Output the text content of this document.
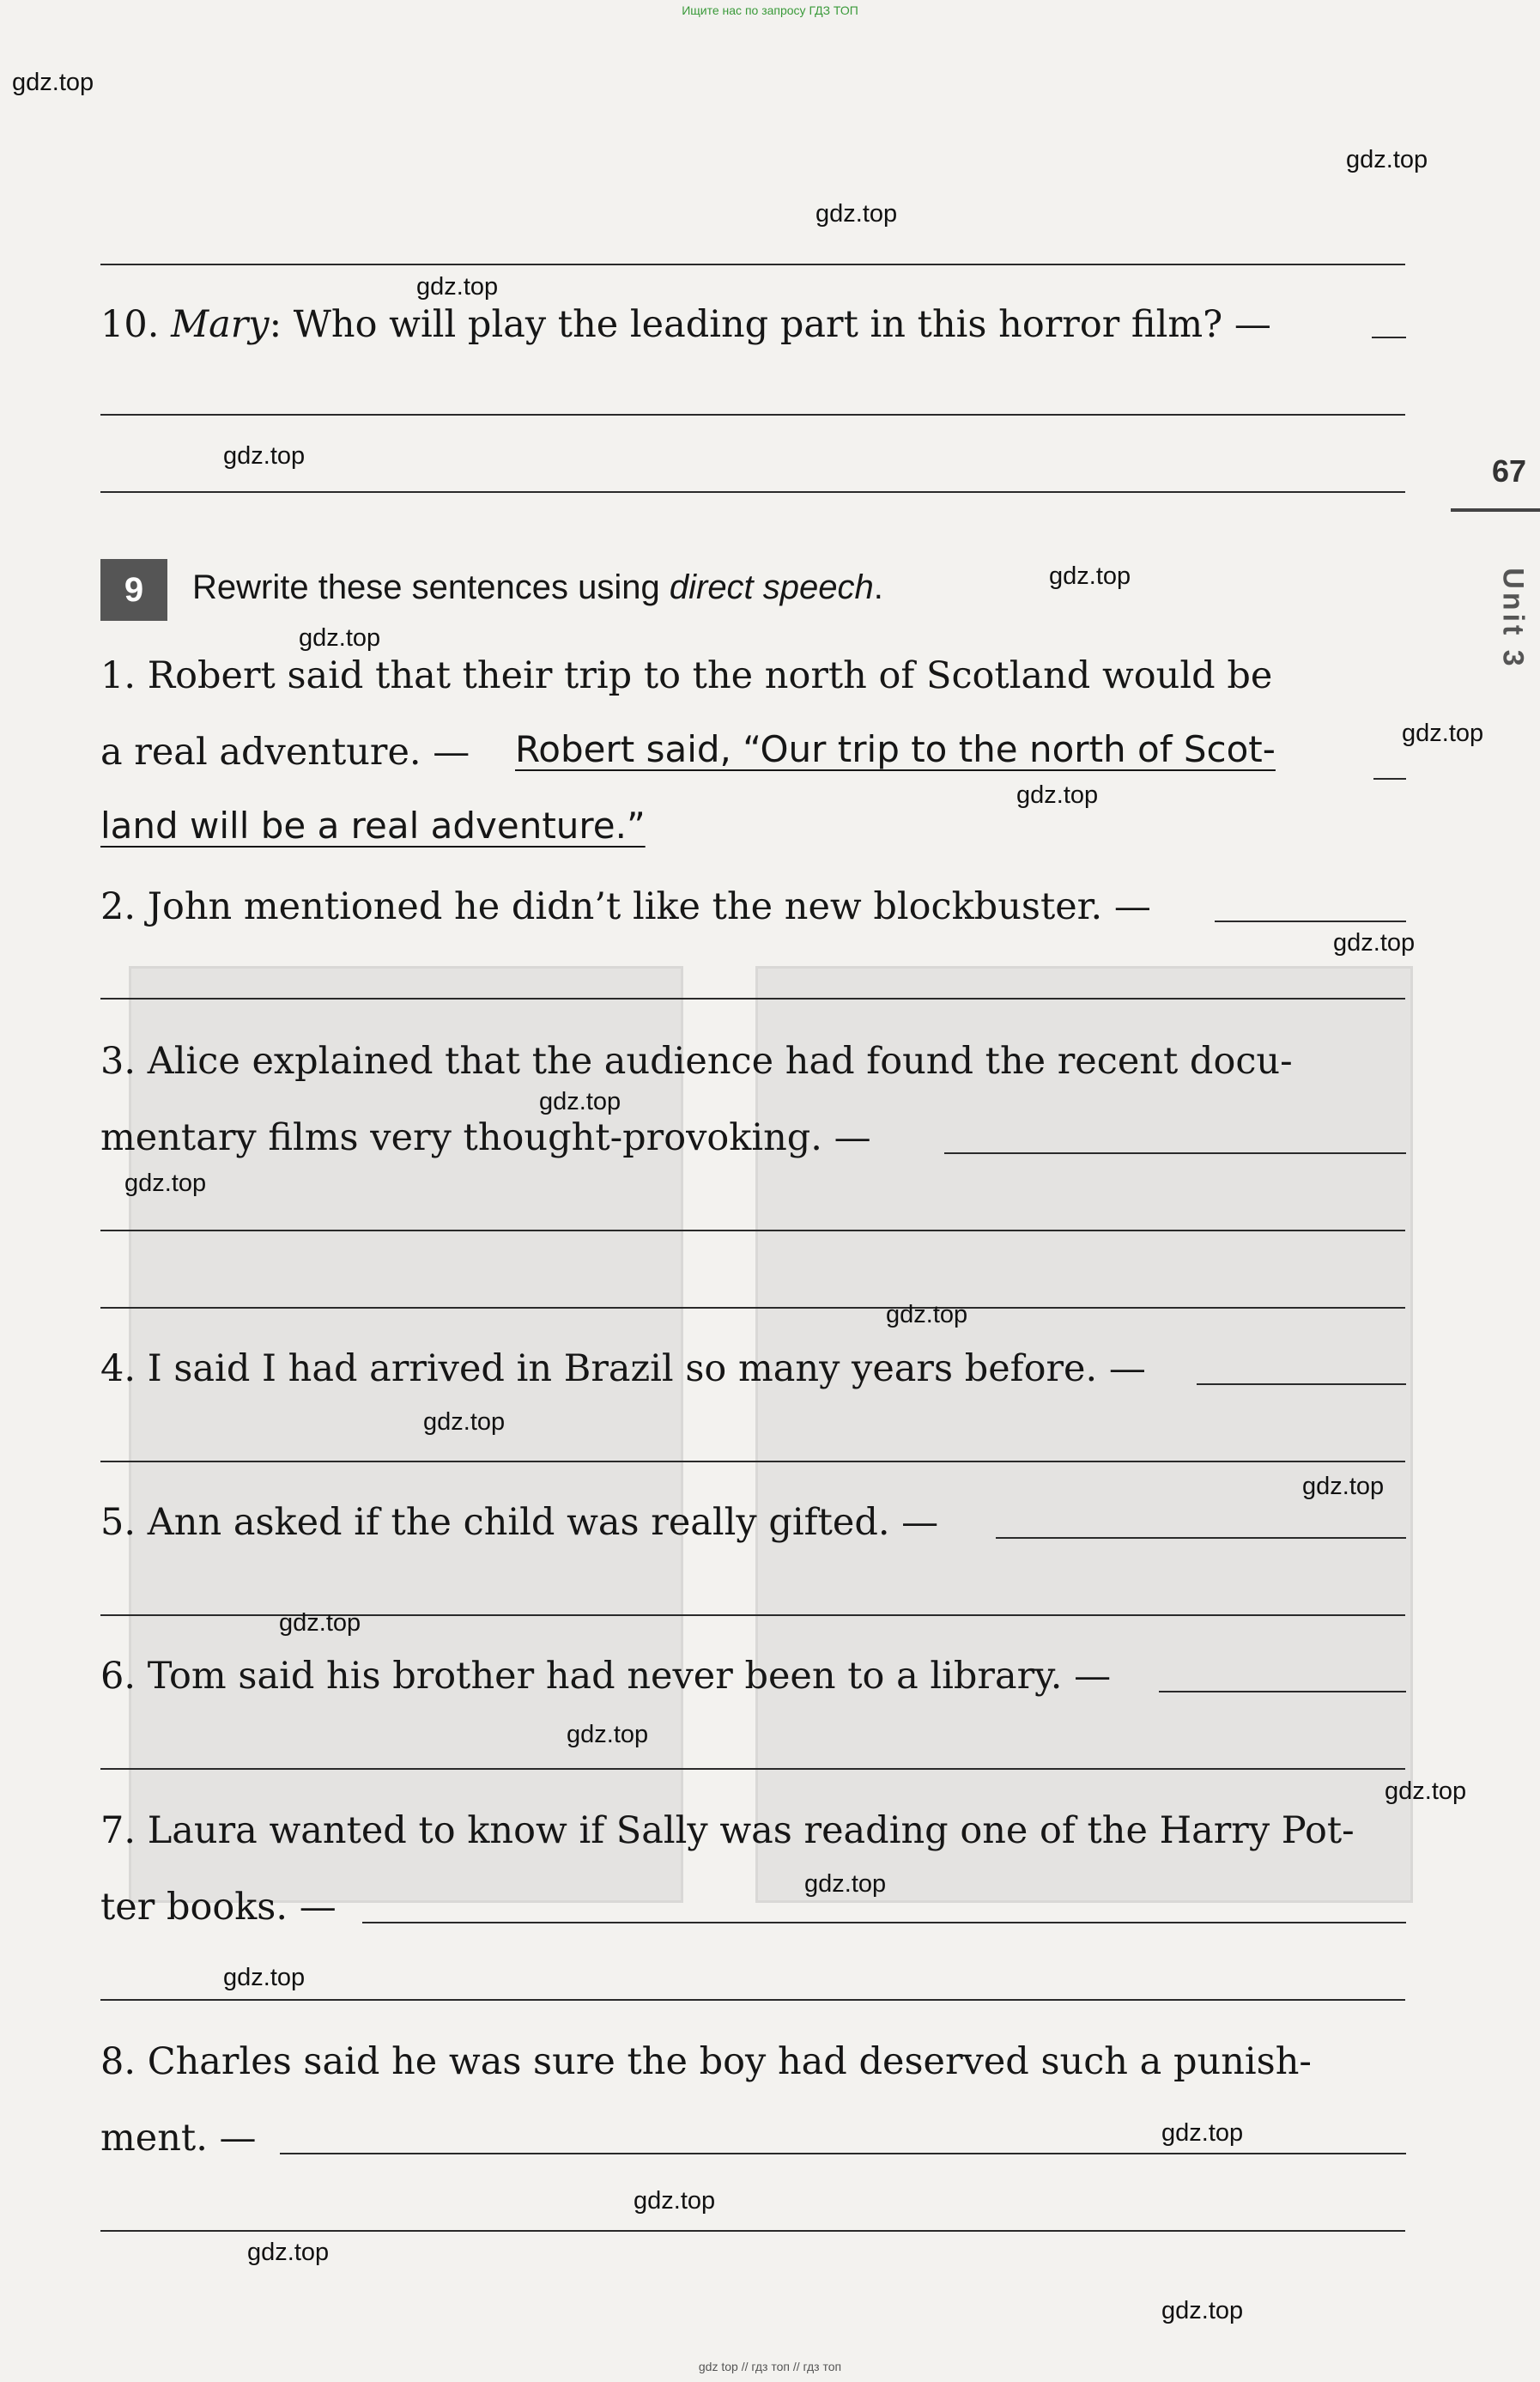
Ищите нас по запросу ГДЗ ТОП
gdz top // гдз топ // гдз топ
67
Unit 3
10. Mary: Who will play the leading part in this horror film? —
9	Rewrite these sentences using direct speech.
1. Robert said that their trip to the north of Scotland would be
a real adventure. — Robert said, “Our trip to the north of Scot-
land will be a real adventure.”
2. John mentioned he didn’t like the new blockbuster. —
3. Alice explained that the audience had found the recent docu-
mentary films very thought-provoking. —
4. I said I had arrived in Brazil so many years before. —
5. Ann asked if the child was really gifted. —
6. Tom said his brother had never been to a library. —
7. Laura wanted to know if Sally was reading one of the Harry Pot-
ter books. —
8. Charles said he was sure the boy had deserved such a punish-
ment. —
gdz.top
gdz.top
gdz.top
gdz.top
gdz.top
gdz.top
gdz.top
gdz.top
gdz.top
gdz.top
gdz.top
gdz.top
gdz.top
gdz.top
gdz.top
gdz.top
gdz.top
gdz.top
gdz.top
gdz.top
gdz.top
gdz.top
gdz.top
gdz.top
